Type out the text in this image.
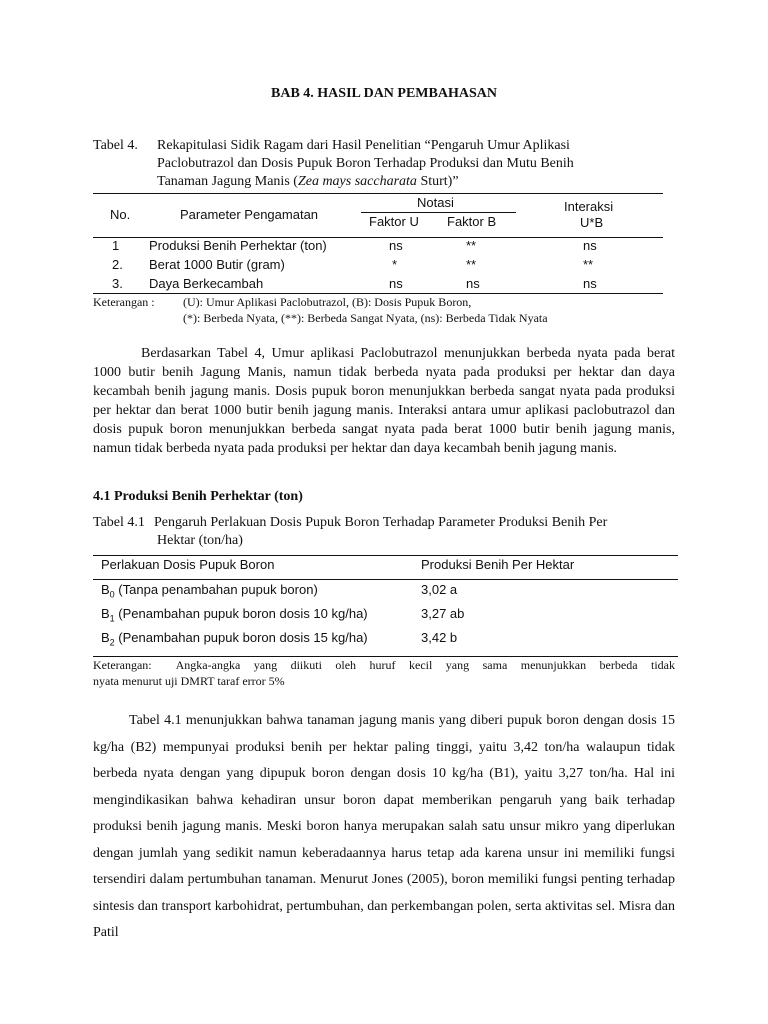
BAB 4. HASIL DAN PEMBAHASAN
Tabel 4. Rekapitulasi Sidik Ragam dari Hasil Penelitian “Pengaruh Umur Aplikasi
Paclobutrazol dan Dosis Pupuk Boron Terhadap Produksi dan Mutu Benih
Tanaman Jagung Manis (Zea mays saccharata Sturt)”
No.	Parameter Pengamatan
Notasi
Faktor U Faktor B
Interaksi
U*B
1 Produksi Benih Perhektar (ton)	ns	**	ns
2. Berat 1000 Butir (gram)	*	**	**
3. Daya Berkecambah	ns	ns	ns
Keterangan : (U): Umur Aplikasi Paclobutrazol, (B): Dosis Pupuk Boron,
(*): Berbeda Nyata, (**): Berbeda Sangat Nyata, (ns): Berbeda Tidak Nyata
Berdasarkan Tabel 4, Umur aplikasi Paclobutrazol menunjukkan berbeda nyata pada berat 1000 butir benih Jagung Manis, namun tidak berbeda nyata pada produksi per hektar dan daya kecambah benih jagung manis. Dosis pupuk boron menunjukkan berbeda sangat nyata pada produksi per hektar dan berat 1000 butir benih jagung manis. Interaksi antara umur aplikasi paclobutrazol dan dosis pupuk boron menunjukkan berbeda sangat nyata pada berat 1000 butir benih jagung manis, namun tidak berbeda nyata pada produksi per hektar dan daya kecambah benih jagung manis.
4.1 Produksi Benih Perhektar (ton)
Tabel 4.1 Pengaruh Perlakuan Dosis Pupuk Boron Terhadap Parameter Produksi Benih Per
Hektar (ton/ha)
Perlakuan Dosis Pupuk Boron	Produksi Benih Per Hektar
$B_0$ (Tanpa penambahan pupuk boron)	3,02 a
$B_1$ (Penambahan pupuk boron dosis 10 kg/ha)	3,27 ab
$B_2$ (Penambahan pupuk boron dosis 15 kg/ha)	3,42 b
Keterangan: Angka-angka yang diikuti oleh huruf kecil yang sama menunjukkan berbeda tidak
nyata menurut uji DMRT taraf error 5%
Tabel 4.1 menunjukkan bahwa tanaman jagung manis yang diberi pupuk boron dengan dosis 15 kg/ha (B2) mempunyai produksi benih per hektar paling tinggi, yaitu 3,42 ton/ha walaupun tidak berbeda nyata dengan yang dipupuk boron dengan dosis 10 kg/ha (B1), yaitu 3,27 ton/ha. Hal ini mengindikasikan bahwa kehadiran unsur boron dapat memberikan pengaruh yang baik terhadap produksi benih jagung manis. Meski boron hanya merupakan salah satu unsur mikro yang diperlukan dengan jumlah yang sedikit namun keberadaannya harus tetap ada karena unsur ini memiliki fungsi tersendiri dalam pertumbuhan tanaman. Menurut Jones (2005), boron memiliki fungsi penting terhadap sintesis dan transport karbohidrat, pertumbuhan, dan perkembangan polen, serta aktivitas sel. Misra dan Patil
